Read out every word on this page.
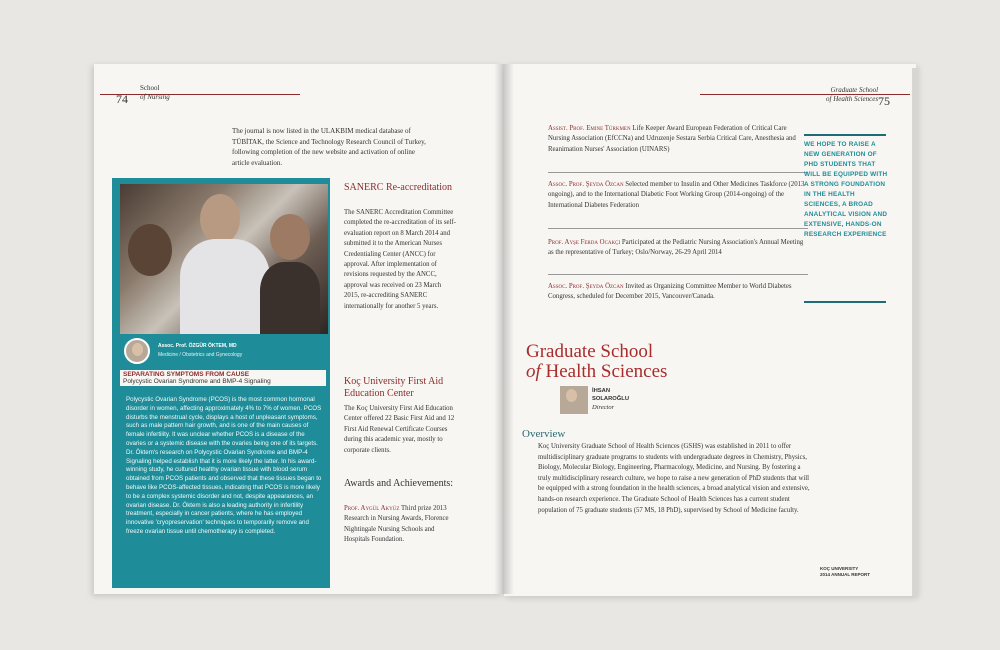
74
School
of Nursing
Graduate School
of Health Sciences 75
The journal is now listed in the ULAKBIM medical database of TÜBİTAK, the Science and Technology Research Council of Turkey, following completion of the new website and activation of online article evaluation.
Assoc. Prof. ÖZGÜR ÖKTEM, MD
Medicine / Obstetrics and Gynecology
SEPARATING SYMPTOMS FROM CAUSE
Polycystic Ovarian Syndrome and BMP-4 Signaling
Polycystic Ovarian Syndrome (PCOS) is the most common hormonal disorder in women, affecting approximately 4% to 7% of women. PCOS disturbs the menstrual cycle, displays a host of unpleasant symptoms, such as male pattern hair growth, and is one of the main causes of female infertility. It was unclear whether PCOS is a disease of the ovaries or a systemic disease with the ovaries being one of its targets. Dr. Öktem's research on Polycystic Ovarian Syndrome and BMP-4 Signaling helped establish that it is more likely the latter. In his award-winning study, he cultured healthy ovarian tissue with blood serum obtained from PCOS patients and observed that these tissues began to behave like PCOS-affected tissues, indicating that PCOS is more likely to be a complex systemic disorder and not, despite appearances, an ovarian disease. Dr. Öktem is also a leading authority in infertility treatment, especially in cancer patients, where he has employed innovative 'cryopreservation' techniques to temporarily remove and freeze ovarian tissue until chemotherapy is completed.
SANERC Re-accreditation
The SANERC Accreditation Committee completed the re-accreditation of its self-evaluation report on 8 March 2014 and submitted it to the American Nurses Credentialing Center (ANCC) for approval. After implementation of revisions requested by the ANCC, approval was received on 23 March 2015, re-accrediting SANERC internationally for another 5 years.
Koç University First Aid Education Center
The Koç University First Aid Education Center offered 22 Basic First Aid and 12 First Aid Renewal Certificate Courses during this academic year, mostly to corporate clients.
Awards and Achievements:
Prof. Aygül Akyüz Third prize 2013 Research in Nursing Awards, Florence Nightingale Nursing Schools and Hospitals Foundation.
Assist. Prof. Emine Türkmen Life Keeper Award European Federation of Critical Care Nursing Association (EfCCNa) and Udruzenje Sestara Serbia Critical Care, Anesthesia and Reanimation Nurses' Association (UINARS)
Assoc. Prof. Şeyda Özcan Selected member to Insulin and Other Medicines Taskforce (2013-ongoing), and to the International Diabetic Foot Working Group (2014-ongoing) of the International Diabetes Federation
Prof. Ayşe Ferda Ocakçı Participated at the Pediatric Nursing Association's Annual Meeting as the representative of Turkey; Oslo/Norway, 26-29 April 2014
Assoc. Prof. Şeyda Özcan Invited as Organizing Committee Member to World Diabetes Congress, scheduled for December 2015, Vancouver/Canada.
Graduate School
of Health Sciences
İHSAN
SOLAROĞLU
Director
Overview
Koç University Graduate School of Health Sciences (GSHS) was established in 2011 to offer multidisciplinary graduate programs to students with undergraduate degrees in Chemistry, Physics, Biology, Molecular Biology, Engineering, Pharmacology, Medicine, and Nursing. By fostering a truly multidisciplinary research culture, we hope to raise a new generation of PhD students that will be equipped with a strong foundation in the health sciences, a broad analytical vision and extensive, hands-on research experience. The Graduate School of Health Sciences has a current student population of 75 graduate students (57 MS, 18 PhD), supervised by School of Medicine faculty.
WE HOPE TO RAISE A NEW GENERATION OF PHD STUDENTS THAT WILL BE EQUIPPED WITH A STRONG FOUNDATION IN THE HEALTH SCIENCES, A BROAD ANALYTICAL VISION AND EXTENSIVE, HANDS-ON RESEARCH EXPERIENCE
KOÇ UNIVERSITY
2014 ANNUAL REPORT
